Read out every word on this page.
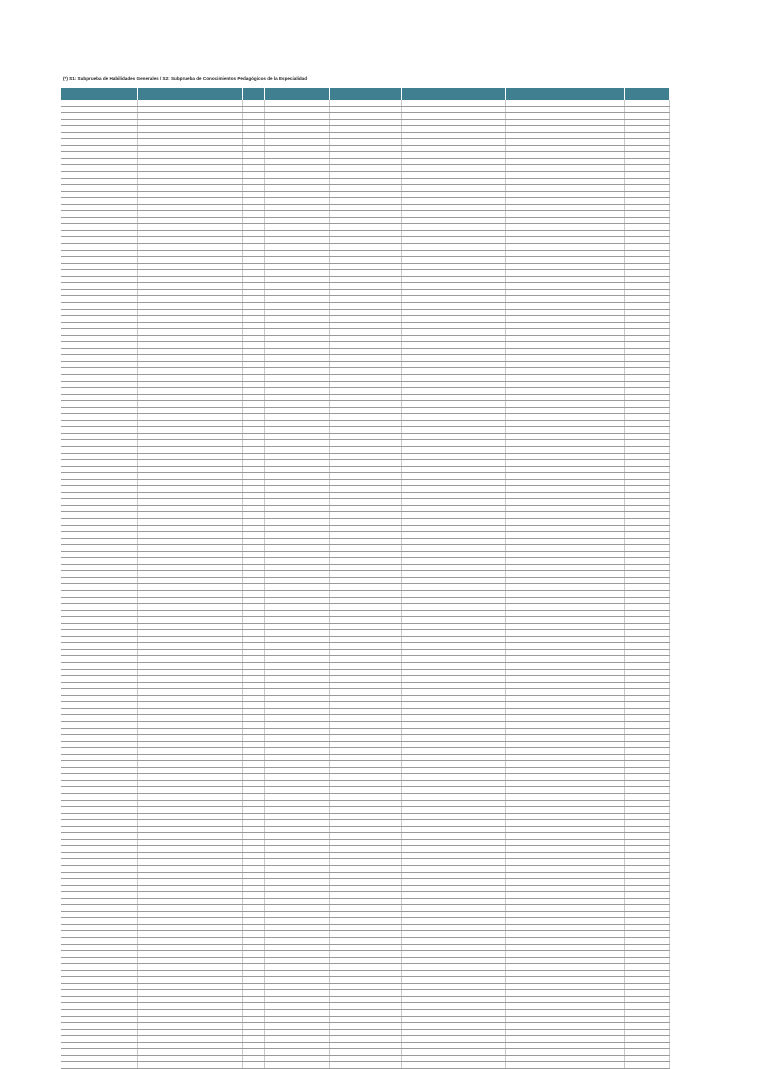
(*) S1: Subprueba de Habilidades Generales / S2: Subprueba de Conocimientos Pedagógicos de la Especialidad
